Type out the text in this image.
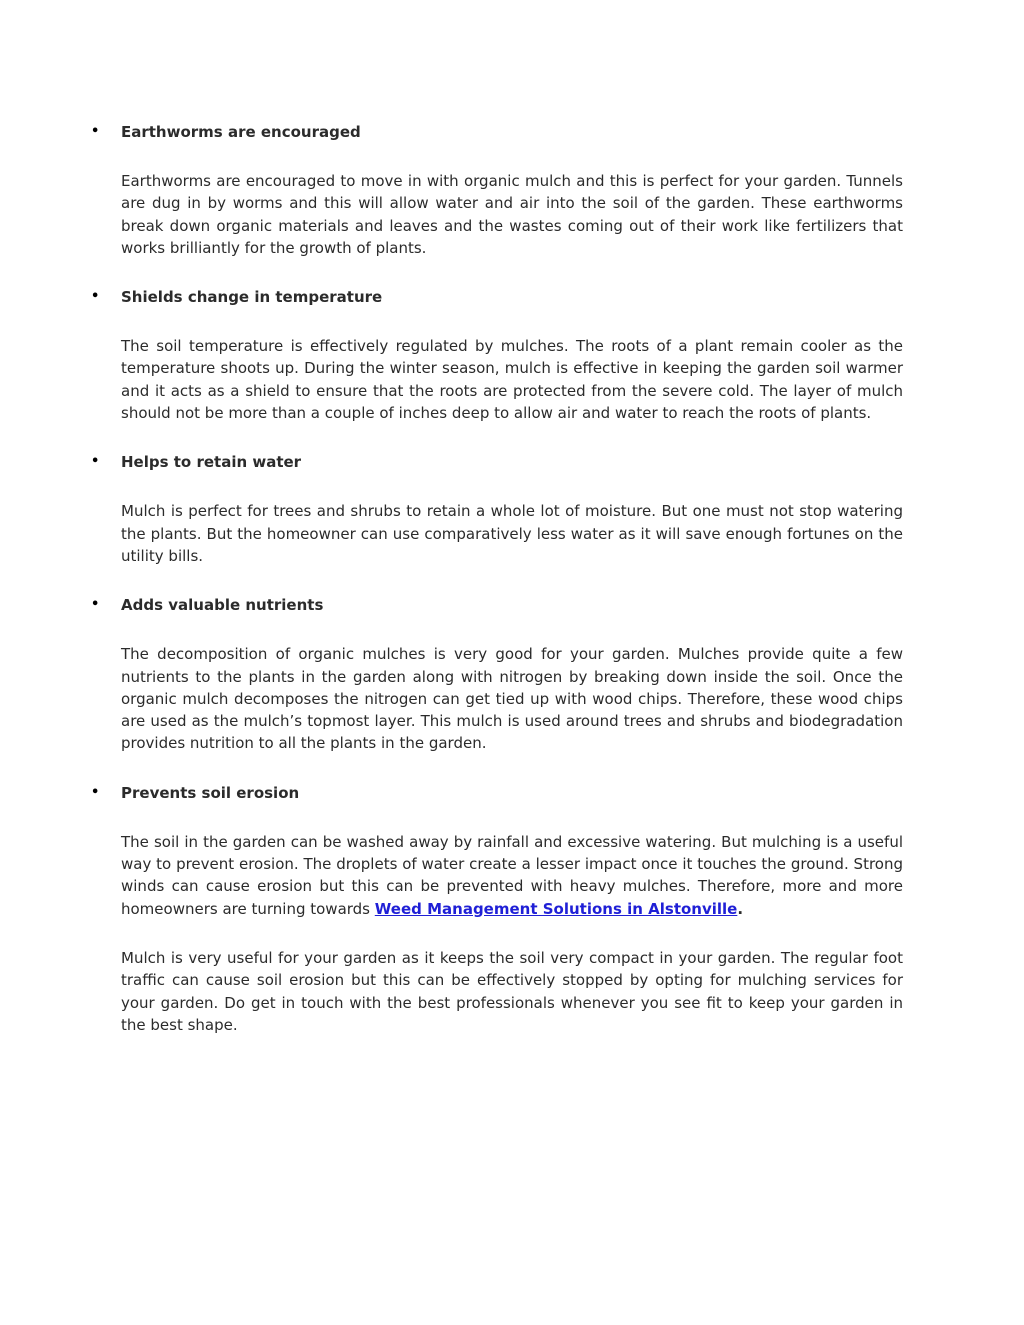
• Earthworms are encouraged

Earthworms are encouraged to move in with organic mulch and this is perfect for your garden. Tunnels are dug in by worms and this will allow water and air into the soil of the garden. These earthworms break down organic materials and leaves and the wastes coming out of their work like fertilizers that works brilliantly for the growth of plants.

• Shields change in temperature

The soil temperature is effectively regulated by mulches. The roots of a plant remain cooler as the temperature shoots up. During the winter season, mulch is effective in keeping the garden soil warmer and it acts as a shield to ensure that the roots are protected from the severe cold. The layer of mulch should not be more than a couple of inches deep to allow air and water to reach the roots of plants.

• Helps to retain water

Mulch is perfect for trees and shrubs to retain a whole lot of moisture. But one must not stop watering the plants. But the homeowner can use comparatively less water as it will save enough fortunes on the utility bills.

• Adds valuable nutrients

The decomposition of organic mulches is very good for your garden. Mulches provide quite a few nutrients to the plants in the garden along with nitrogen by breaking down inside the soil. Once the organic mulch decomposes the nitrogen can get tied up with wood chips. Therefore, these wood chips are used as the mulch’s topmost layer. This mulch is used around trees and shrubs and biodegradation provides nutrition to all the plants in the garden.

• Prevents soil erosion

The soil in the garden can be washed away by rainfall and excessive watering. But mulching is a useful way to prevent erosion. The droplets of water create a lesser impact once it touches the ground. Strong winds can cause erosion but this can be prevented with heavy mulches. Therefore, more and more homeowners are turning towards Weed Management Solutions in Alstonville.

Mulch is very useful for your garden as it keeps the soil very compact in your garden. The regular foot traffic can cause soil erosion but this can be effectively stopped by opting for mulching services for your garden. Do get in touch with the best professionals whenever you see fit to keep your garden in the best shape.
